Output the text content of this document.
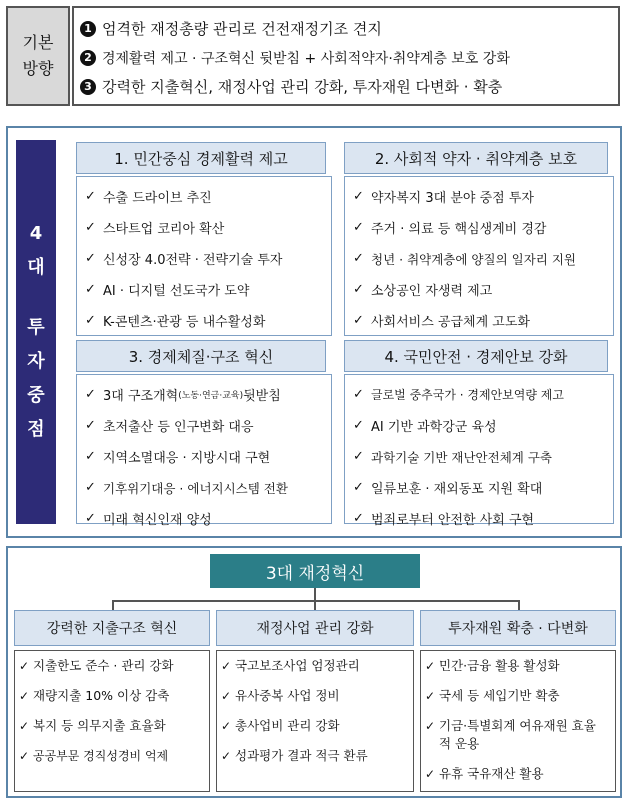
기본
방향
1 엄격한 재정총량 관리로 건전재정기조 견지
2 경제활력 제고 · 구조혁신 뒷받침 + 사회적약자·취약계층 보호 강화
3 강력한 지출혁신, 재정사업 관리 강화, 투자재원 다변화 · 확충
4
대
투
자
중
점
1. 민간중심 경제활력 제고
✓ 수출 드라이브 추진
✓ 스타트업 코리아 확산
✓ 신성장 4.0전략 · 전략기술 투자
✓ AI · 디지털 선도국가 도약
✓ K-콘텐츠·관광 등 내수활성화
2. 사회적 약자 · 취약계층 보호
✓ 약자복지 3대 분야 중점 투자
✓ 주거 · 의료 등 핵심생계비 경감
✓ 청년 · 취약계층에 양질의 일자리 지원
✓ 소상공인 자생력 제고
✓ 사회서비스 공급체계 고도화
3. 경제체질·구조 혁신
✓ 3대 구조개혁 (노동·연금·교육) 뒷받침
✓ 초저출산 등 인구변화 대응
✓ 지역소멸대응 · 지방시대 구현
✓ 기후위기대응 · 에너지시스템 전환
✓ 미래 혁신인재 양성
4. 국민안전 · 경제안보 강화
✓ 글로벌 중추국가 · 경제안보역량 제고
✓ AI 기반 과학강군 육성
✓ 과학기술 기반 재난안전체계 구축
✓ 일류보훈 · 재외동포 지원 확대
✓ 범죄로부터 안전한 사회 구현
3대 재정혁신
강력한 지출구조 혁신
✓ 지출한도 준수 · 관리 강화
✓ 재량지출 10% 이상 감축
✓ 복지 등 의무지출 효율화
✓ 공공부문 경직성경비 억제
재정사업 관리 강화
✓ 국고보조사업 엄정관리
✓ 유사중복 사업 정비
✓ 총사업비 관리 강화
✓ 성과평가 결과 적극 환류
투자재원 확충 · 다변화
✓ 민간·금융 활용 활성화
✓ 국세 등 세입기반 확충
✓ 기금·특별회계 여유재원 효율적 운용
✓ 유휴 국유재산 활용
